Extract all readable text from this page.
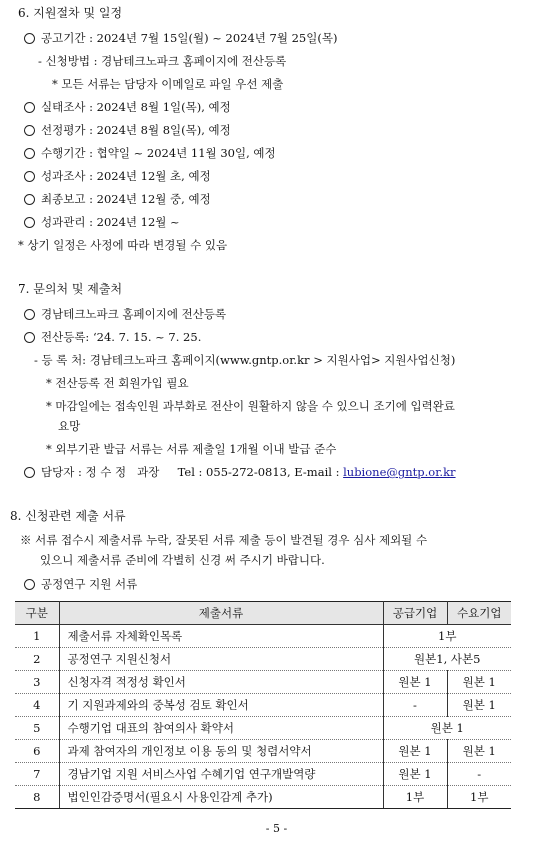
6. 지원절차 및 일정
공고기간 : 2024년 7월 15일(월) ~ 2024년 7월 25일(목)
- 신청방법 : 경남테크노파크 홈페이지에 전산등록
* 모든 서류는 담당자 이메일로 파일 우선 제출
실태조사 : 2024년 8월 1일(목), 예정
선정평가 : 2024년 8월 8일(목), 예정
수행기간 : 협약일 ~ 2024년 11월 30일, 예정
성과조사 : 2024년 12월 초, 예정
최종보고 : 2024년 12월 중, 예정
성과관리 : 2024년 12월 ~
* 상기 일정은 사정에 따라 변경될 수 있음
7. 문의처 및 제출처
경남테크노파크 홈페이지에 전산등록
전산등록: ‘24. 7. 15. ~ 7. 25.
- 등 록 처: 경남테크노파크 홈페이지(www.gntp.or.kr > 지원사업> 지원사업신청)
* 전산등록 전 회원가입 필요
* 마감일에는 접속인원 과부화로 전산이 원활하지 않을 수 있으니 조기에 입력완료
요망
* 외부기관 발급 서류는 서류 제출일 1개월 이내 발급 준수
담당자 : 정 수 정   과장     Tel : 055-272-0813, E-mail : lubione@gntp.or.kr
8. 신청관련 제출 서류
※ 서류 접수시 제출서류 누락, 잘못된 서류 제출 등이 발견될 경우 심사 제외될 수
있으니 제출서류 준비에 각별히 신경 써 주시기 바랍니다.
공정연구 지원 서류
구분	제출서류	공급기업	수요기업
1	제출서류 자체확인목록	1부	
2	공정연구 지원신청서	원본1, 사본5	
3	신청자격 적정성 확인서	원본 1	원본 1
4	기 지원과제와의 중복성 검토 확인서	-	원본 1
5	수행기업 대표의 참여의사 확약서	원본 1	
6	과제 참여자의 개인정보 이용 동의 및 청렴서약서	원본 1	원본 1
7	경남기업 지원 서비스사업 수혜기업 연구개발역량	원본 1	-
8	법인인감증명서(필요시 사용인감계 추가)	1부	1부
- 5 -
